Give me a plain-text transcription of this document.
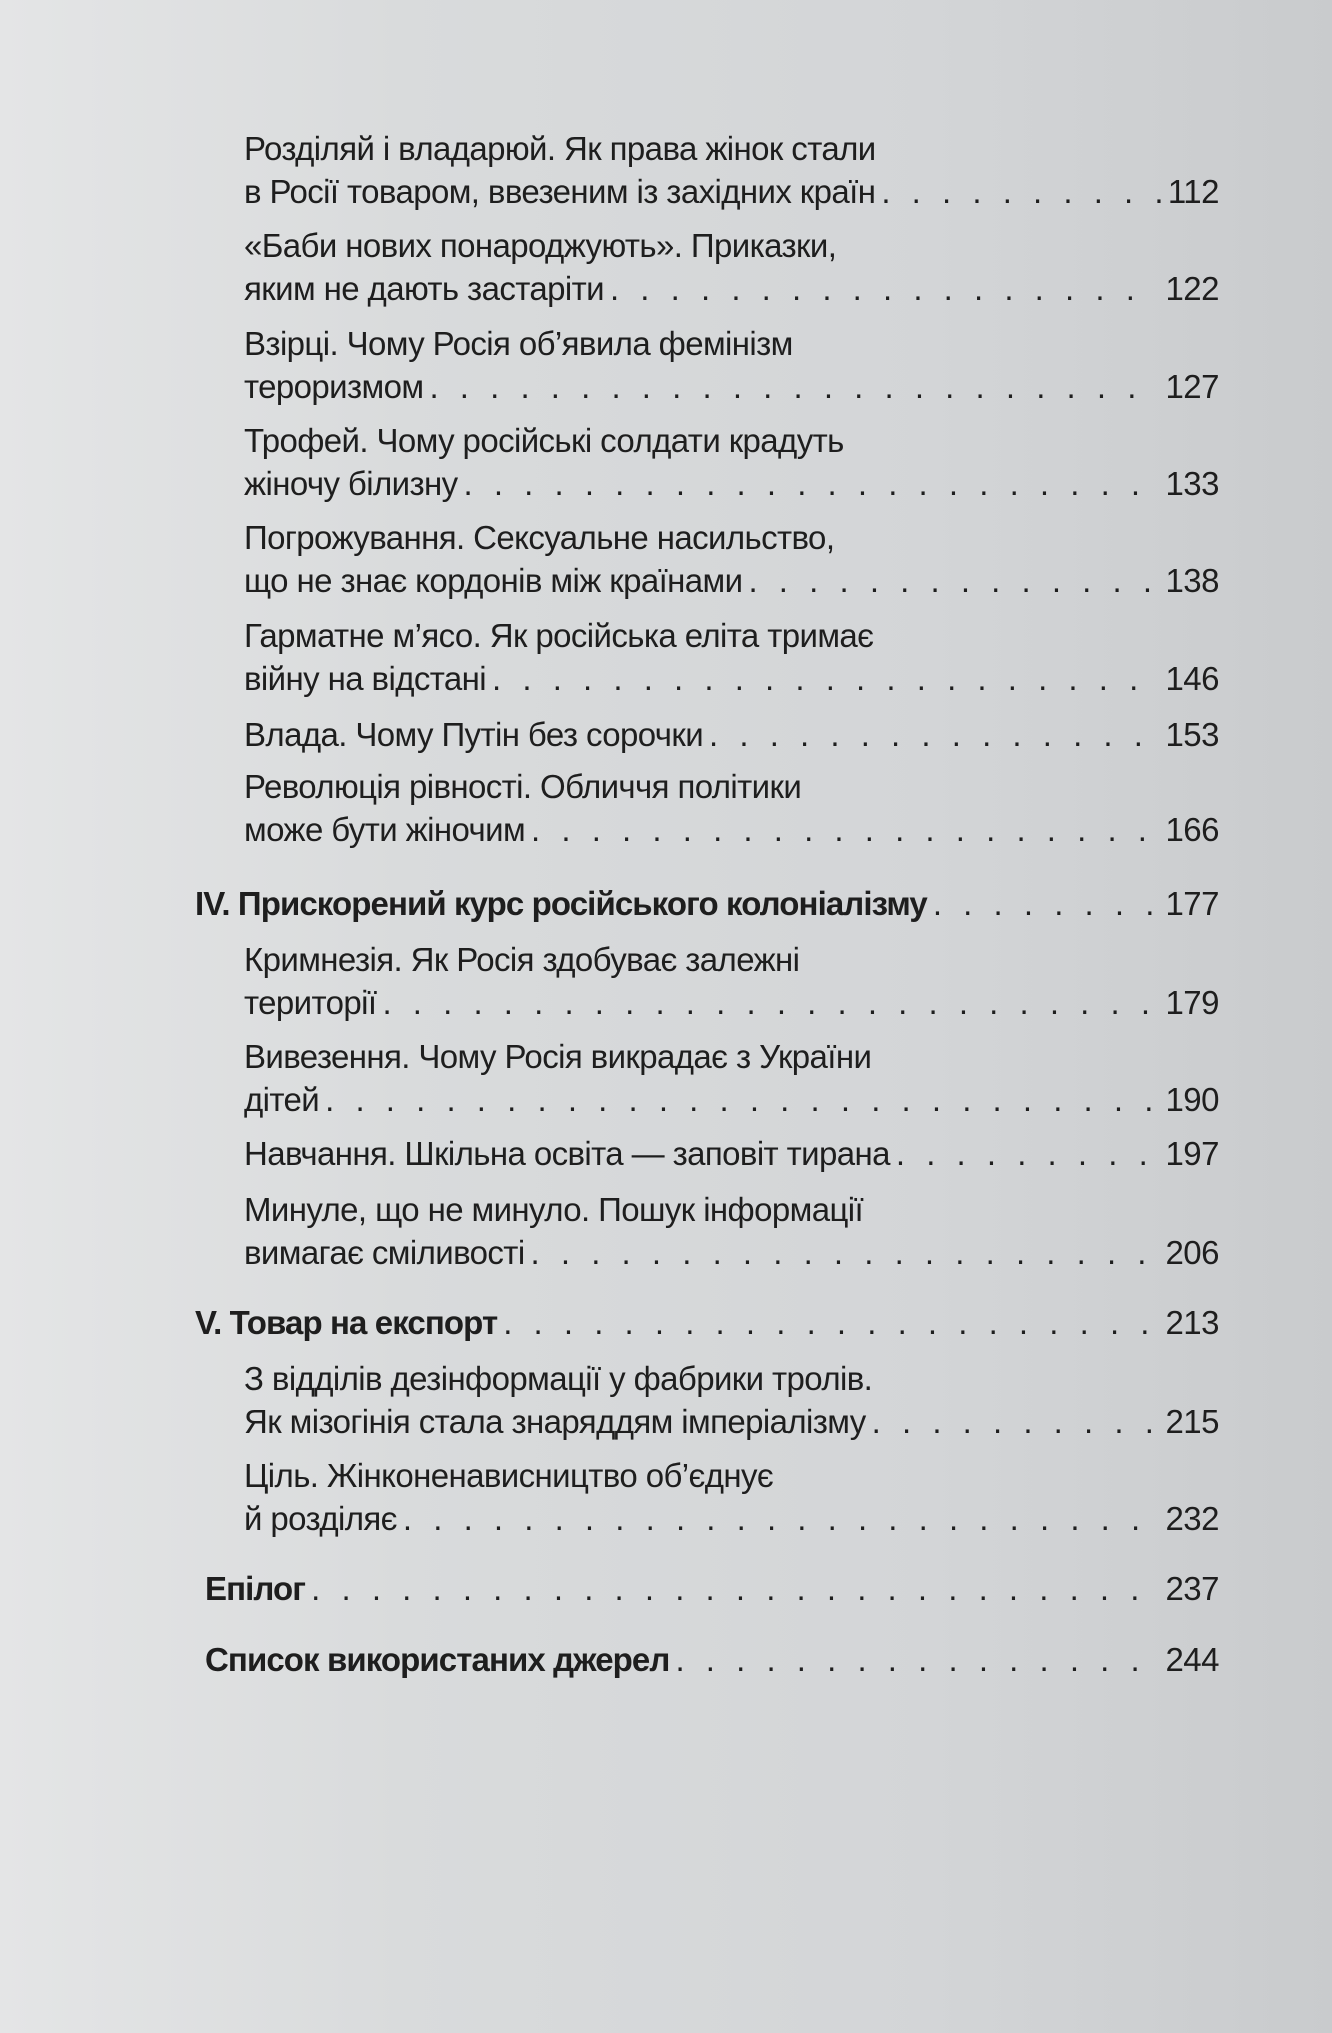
Розділяй і владарюй. Як права жінок стали
в Росії товаром, ввезеним із західних країн . . .	112
«Баби нових понароджують». Приказки,
яким не дають застаріти . . .	122
Взірці. Чому Росія об’явила фемінізм
тероризмом . . .	127
Трофей. Чому російські солдати крадуть
жіночу білизну . . .	133
Погрожування. Сексуальне насильство,
що не знає кордонів між країнами . . .	138
Гарматне м’ясо. Як російська еліта тримає
війну на відстані . . .	146
Влада. Чому Путін без сорочки . . .	153
Революція рівності. Обличчя політики
може бути жіночим . . .	166
IV. Прискорений курс російського колоніалізму . . .	177
Кримнезія. Як Росія здобуває залежні
території . . .	179
Вивезення. Чому Росія викрадає з України
дітей . . .	190
Навчання. Шкільна освіта — заповіт тирана . . .	197
Минуле, що не минуло. Пошук інформації
вимагає сміливості . . .	206
V. Товар на експорт . . .	213
З відділів дезінформації у фабрики тролів.
Як мізогінія стала знаряддям імперіалізму . . .	215
Ціль. Жінконенависництво об’єднує
й розділяє . . .	232
Епілог . . .	237
Список використаних джерел . . .	244
